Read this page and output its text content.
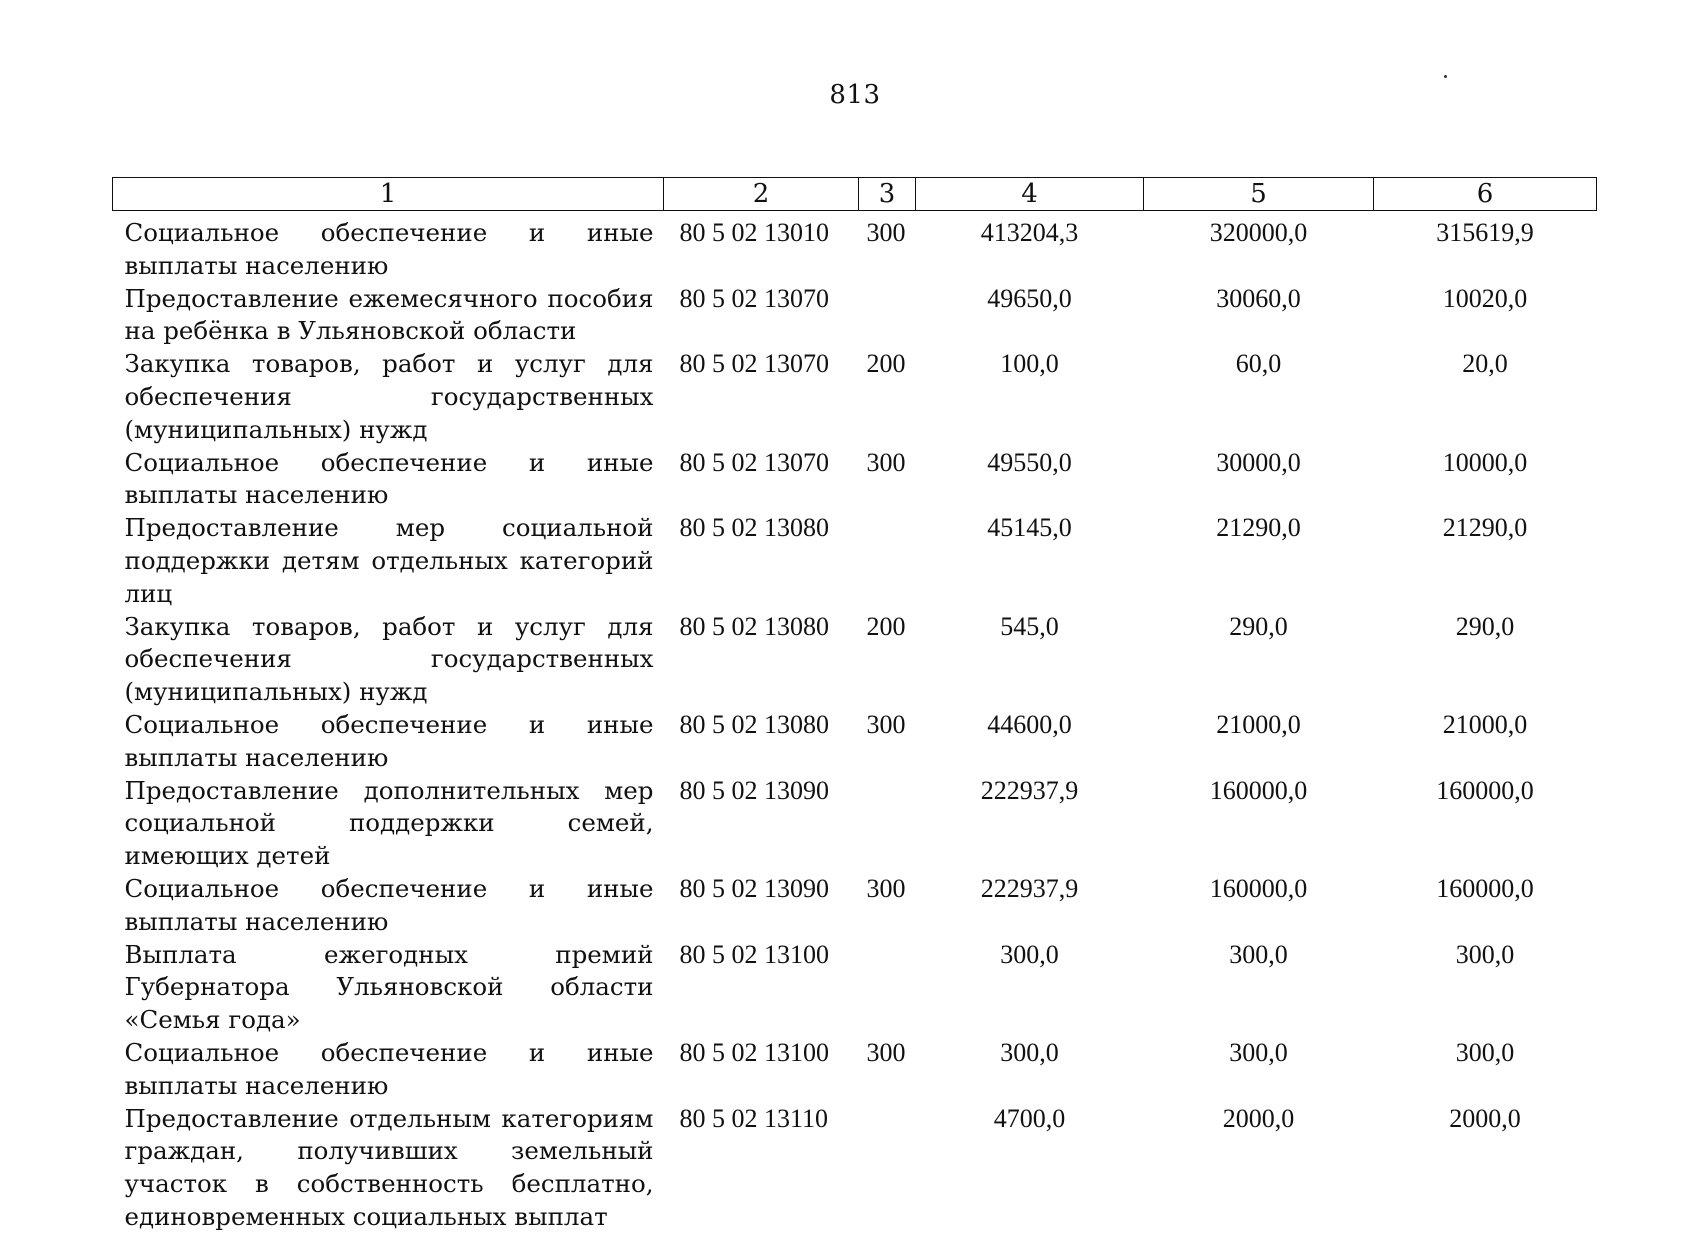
813
1	2	3	4	5	6
Социальное обеспечение и иные выплаты населению	80 5 02 13010	300	413204,3	320000,0	315619,9
Предоставление ежемесячного пособия на ребёнка в Ульяновской области	80 5 02 13070		49650,0	30060,0	10020,0
Закупка товаров, работ и услуг для обеспечения государственных (муниципальных) нужд	80 5 02 13070	200	100,0	60,0	20,0
Социальное обеспечение и иные выплаты населению	80 5 02 13070	300	49550,0	30000,0	10000,0
Предоставление мер социальной поддержки детям отдельных категорий лиц	80 5 02 13080		45145,0	21290,0	21290,0
Закупка товаров, работ и услуг для обеспечения государственных (муниципальных) нужд	80 5 02 13080	200	545,0	290,0	290,0
Социальное обеспечение и иные выплаты населению	80 5 02 13080	300	44600,0	21000,0	21000,0
Предоставление дополнительных мер социальной поддержки семей, имеющих детей	80 5 02 13090		222937,9	160000,0	160000,0
Социальное обеспечение и иные выплаты населению	80 5 02 13090	300	222937,9	160000,0	160000,0
Выплата ежегодных премий Губернатора Ульяновской области «Семья года»	80 5 02 13100		300,0	300,0	300,0
Социальное обеспечение и иные выплаты населению	80 5 02 13100	300	300,0	300,0	300,0
Предоставление отдельным категориям граждан, получивших земельный участок в собственность бесплатно, единовременных социальных выплат	80 5 02 13110		4700,0	2000,0	2000,0
